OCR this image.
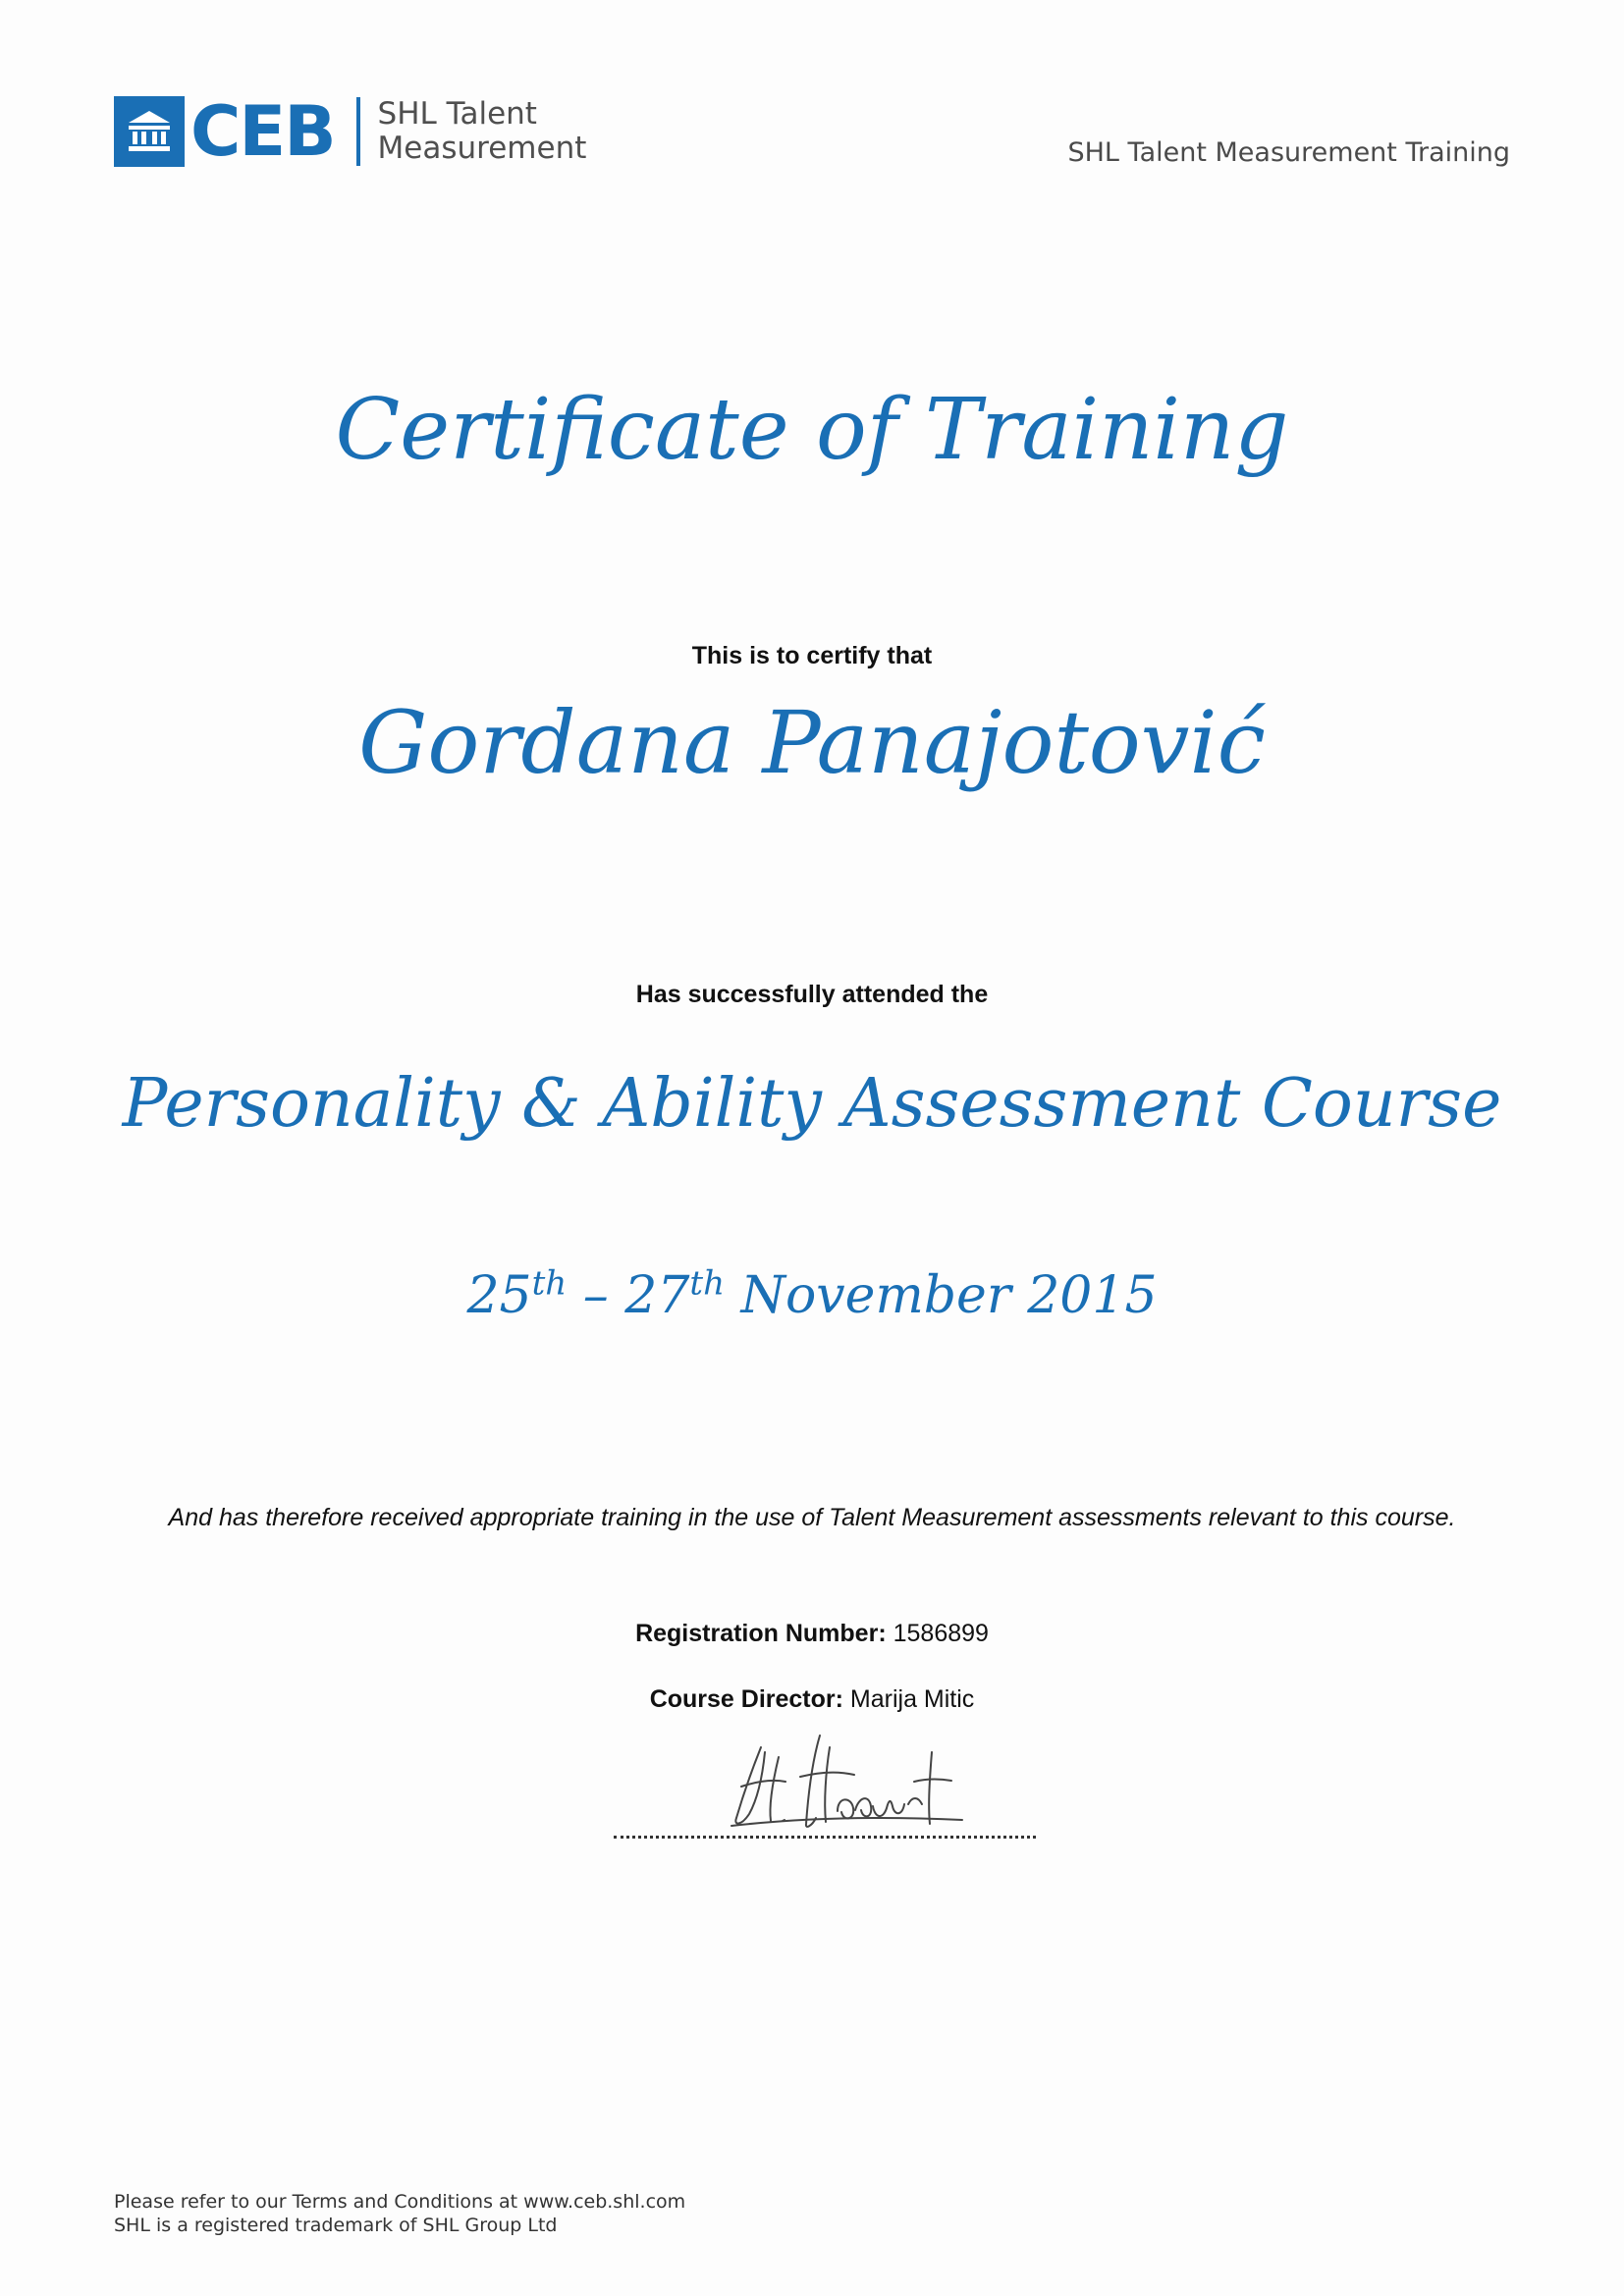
CEB SHL Talent
Measurement	SHL Talent Measurement Training
Certificate of Training
This is to certify that
Gordana Panajotović
Has successfully attended the
Personality & Ability Assessment Course
25th – 27th November 2015
And has therefore received appropriate training in the use of Talent Measurement assessments relevant to this course.
Registration Number: 1586899
Course Director: Marija Mitic
Please refer to our Terms and Conditions at www.ceb.shl.com
SHL is a registered trademark of SHL Group Ltd
